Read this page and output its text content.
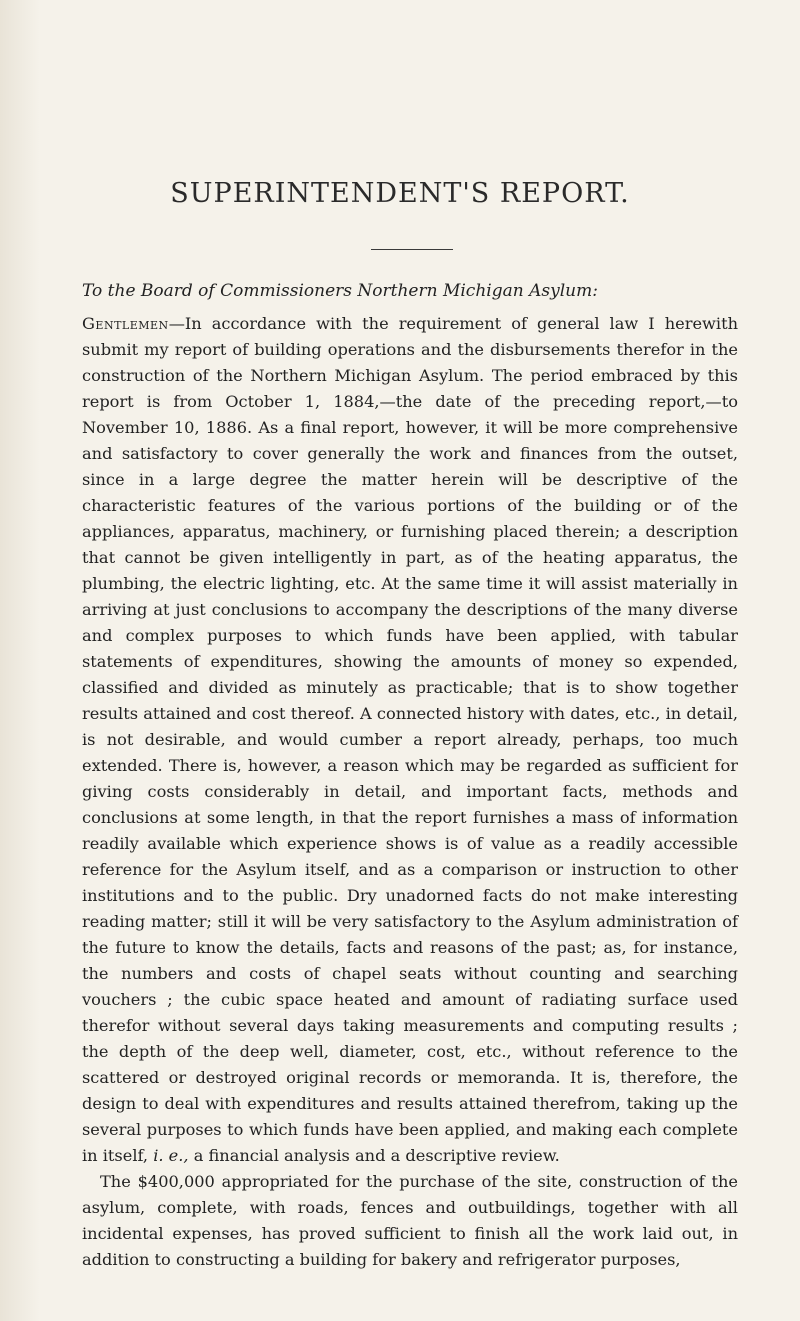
SUPERINTENDENT'S REPORT.
To the Board of Commissioners Northern Michigan Asylum:

Gentlemen—In accordance with the requirement of general law I herewith submit my report of building operations and the disbursements therefor in the construction of the Northern Michigan Asylum. The period embraced by this report is from October 1, 1884,—the date of the preceding report,—to November 10, 1886. As a final report, however, it will be more comprehensive and satisfactory to cover generally the work and finances from the outset, since in a large degree the matter herein will be descriptive of the characteristic features of the various portions of the building or of the appliances, apparatus, machinery, or furnishing placed therein; a description that cannot be given intelligently in part, as of the heating apparatus, the plumbing, the electric lighting, etc. At the same time it will assist materially in arriving at just conclusions to accompany the descriptions of the many diverse and complex purposes to which funds have been applied, with tabular statements of expenditures, showing the amounts of money so expended, classified and divided as minutely as practicable; that is to show together results attained and cost thereof. A connected history with dates, etc., in detail, is not desirable, and would cumber a report already, perhaps, too much extended. There is, however, a reason which may be regarded as sufficient for giving costs considerably in detail, and important facts, methods and conclusions at some length, in that the report furnishes a mass of information readily available which experience shows is of value as a readily accessible reference for the Asylum itself, and as a comparison or instruction to other institutions and to the public. Dry unadorned facts do not make interesting reading matter; still it will be very satisfactory to the Asylum administration of the future to know the details, facts and reasons of the past; as, for instance, the numbers and costs of chapel seats without counting and searching vouchers ; the cubic space heated and amount of radiating surface used therefor without several days taking measurements and computing results ; the depth of the deep well, diameter, cost, etc., without reference to the scattered or destroyed original records or memoranda. It is, therefore, the design to deal with expenditures and results attained therefrom, taking up the several purposes to which funds have been applied, and making each complete in itself, i. e., a financial analysis and a descriptive review.

The $400,000 appropriated for the purchase of the site, construction of the asylum, complete, with roads, fences and outbuildings, together with all incidental expenses, has proved sufficient to finish all the work laid out, in addition to constructing a building for bakery and refrigerator purposes,
